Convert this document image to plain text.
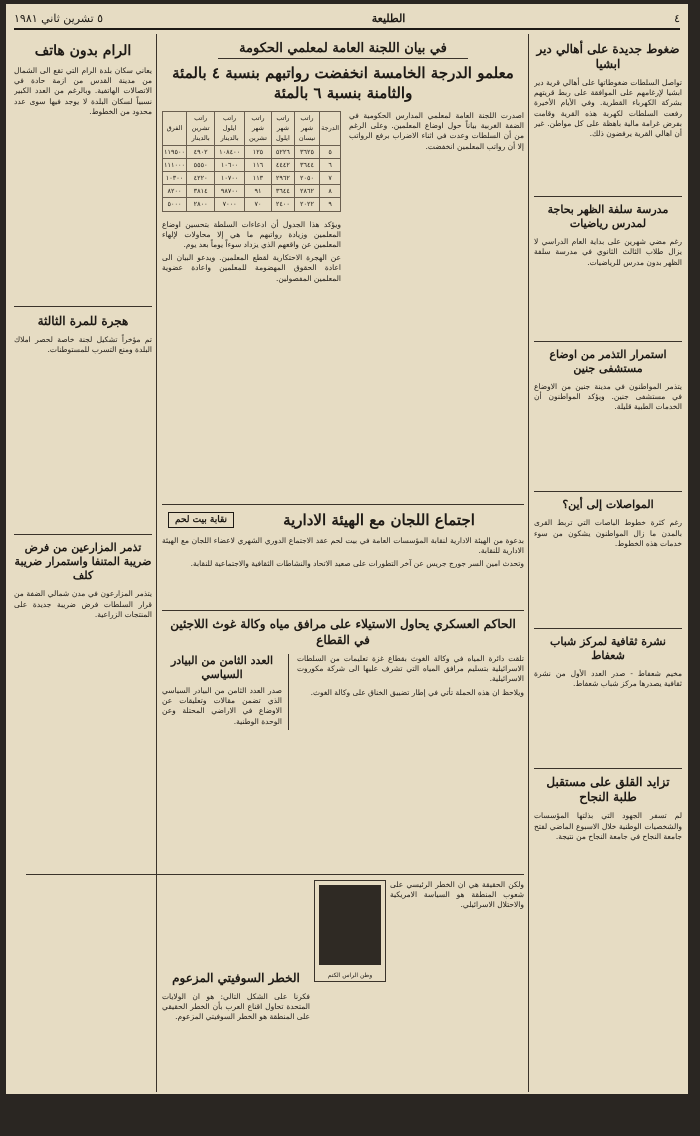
٥ تشرين ثاني ١٩٨١	الطليعة	٤
ضغوط جديدة على أهالي دير ابشيا

تواصل السلطات ضغوطاتها على أهالي قرية دير ابشيا لإرغامهم على الموافقة على ربط قريتهم بشركة الكهرباء القطرية. وفي الأيام الأخيرة رفعت السلطات لكهربة هذه القرية وقامت بفرض غرامة مالية باهظة على كل مواطن. غير أن اهالي القرية يرفضون ذلك.

مدرسة سلفة الظهر بحاجة لمدرس رياضيات

رغم مضي شهرين على بداية العام الدراسي لا يزال طلاب الثالث الثانوي في مدرسة سلفة الظهر بدون مدرس للرياضيات.

استمرار التذمر من اوضاع مستشفى جنين

يتذمر المواطنون في مدينة جنين من الاوضاع في مستشفى جنين. ويؤكد المواطنون أن الخدمات الطبية قليلة.

المواصلات إلى أين؟

رغم كثرة خطوط الباصات التي تربط القرى بالمدن ما زال المواطنون يشكون من سوء خدمات هذه الخطوط.

نشرة ثقافية لمركز شباب شعفاط

مخيم شعفاط - صدر العدد الأول من نشرة ثقافية يصدرها مركز شباب شعفاط.

تزايد القلق على مستقبل طلبة النجاح

لم تسفر الجهود التي بذلتها المؤسسات والشخصيات الوطنية خلال الاسبوع الماضي لفتح جامعة النجاح في جامعة النجاح من نتيجة.

في بيان اللجنة العامة لمعلمي الحكومة
معلمو الدرجة الخامسة انخفضت رواتبهم بنسبة ٤ بالمئة والثامنة بنسبة ٦ بالمئة

اصدرت اللجنة العامة لمعلمي المدارس الحكومية في الضفة الغربية بياناً حول اوضاع المعلمين. وعلى الرغم من أن السلطات وعدت في اثناء الاضراب برفع الرواتب إلا أن رواتب المعلمين انخفضت.

الدرجة	راتب شهر نيسان	راتب شهر ايلول	راتب شهر تشرين	راتب ايلول بالدينار	راتب تشرين بالدينار	الفرق
٥	٣٦٢٥	٥٢٢٦	١٢٥	١٠٨٤٠٠	٤٩٠٢	١١٩٥٠٠
٦	٣٦٤٤	٤٤٤٢	١١٦	١٠٦٠٠	٥٥٥٠	١١١٠٠٠
٧	٢٠٥٠	٢٩٦٢	١١٣	١٠٧٠٠	٤٢٢٠	١٠٣٠٠
٨	٢٨٦٢	٣٦٤٤	٩١	٩٨٧٠٠	٣٨١٤	٨٢٠٠
٩	٢٠٢٢	٢٤٠٠	٧٠	٧٠٠٠	٢٨٠٠	٥٠٠٠

ويؤكد هذا الجدول أن ادعاءات السلطة بتحسين اوضاع المعلمين وزيادة رواتبهم ما هي إلا محاولات لإلهاء المعلمين عن واقعهم الذي يزداد سوءاً يوماً بعد يوم.

عن الهجرة الاحتكارية لقطع المعلمين. ويدعو البيان الى اعادة الحقوق المهضومة للمعلمين واعادة عضوية المعلمين المفصولين.

اجتماع اللجان مع الهيئة الادارية
نقابة بيت لحم

بدعوة من الهيئة الادارية لنقابة المؤسسات العامة في بيت لحم عقد الاجتماع الدوري الشهري لاعضاء اللجان مع الهيئة الادارية للنقابة.

وتحدث امين السر جورج جريس عن آخر التطورات على صعيد الاتحاد والنشاطات الثقافية والاجتماعية للنقابة.

الحاكم العسكري يحاول الاستيلاء على مرافق مياه وكالة غوث اللاجئين في القطاع

تلقت دائرة المياه في وكالة الغوث بقطاع غزة تعليمات من السلطات الاسرائيلية بتسليم مرافق المياه التي تشرف عليها الى شركة مكوروت الاسرائيلية.

ويلاحظ ان هذه الحملة تأتي في إطار تضييق الخناق على وكالة الغوث.

العدد الثامن من البيادر السياسي

صدر العدد الثامن من البيادر السياسي الذي تضمن مقالات وتعليقات عن الاوضاع في الاراضي المحتلة وعن الوحدة الوطنية.

وطن الراس الكتم
الخطر السوفيتي المزعوم

فكرنا على الشكل التالي: هو ان الولايات المتحدة تحاول اقناع العرب بأن الخطر الحقيقي على المنطقة هو الخطر السوفيتي المزعوم.

ولكن الحقيقة هي ان الخطر الرئيسي على شعوب المنطقة هو السياسة الامريكية والاحتلال الاسرائيلي.

الرام بدون هاتف

يعاني سكان بلدة الرام التي تقع الى الشمال من مدينة القدس من ازمة حادة في الاتصالات الهاتفية. وبالرغم من العدد الكبير نسبياً لسكان البلدة لا يوجد فيها سوى عدد محدود من الخطوط.

هجرة للمرة الثالثة

تم مؤخراً تشكيل لجنة خاصة لحصر املاك البلدة ومنع التسرب للمستوطنات.

تذمر المزارعين من فرض ضريبة المتنفا واستمرار ضريبة كلف

يتذمر المزارعون في مدن شمالي الضفة من قرار السلطات فرض ضريبة جديدة على المنتجات الزراعية.
